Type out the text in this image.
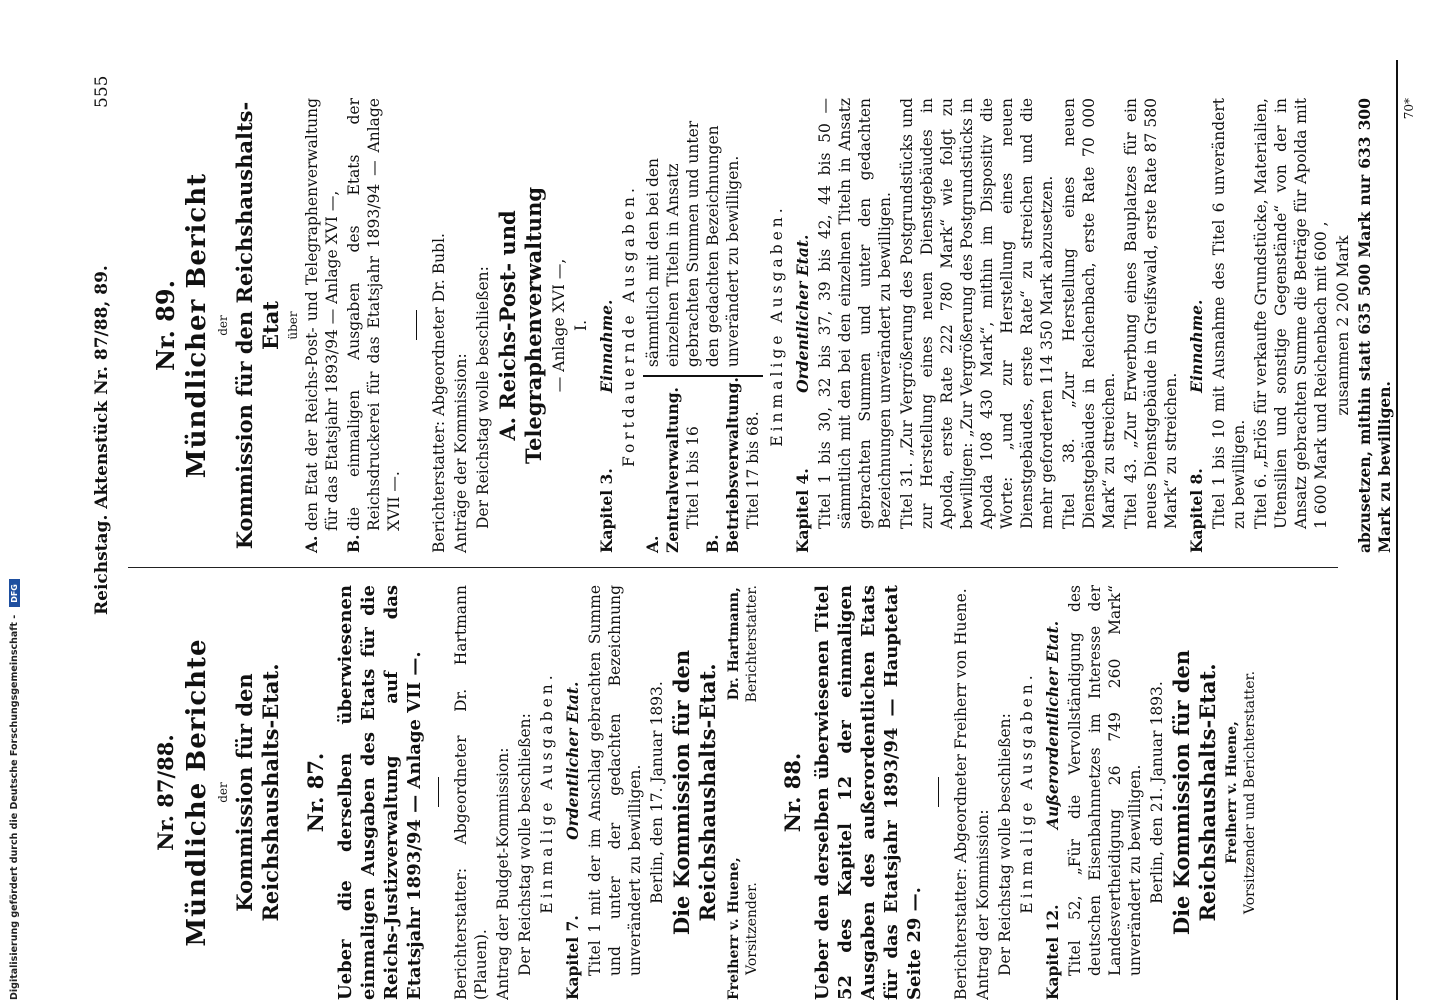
Digitalisierung gefördert durch die Deutsche Forschungsgemeinschaft - DFG	Reichstag. Aktenstück Nr. 87/88, 89.
555
Nr. 87/88. Mündliche Berichte der Kommission für den Reichshaushalts-Etat. Nr. 87. Ueber die derselben überwiesenen einmaligen Ausgaben des Etats für die Reichs-Justizverwaltung auf das Etatsjahr 1893/94 — Anlage VII —. Berichterstatter: Abgeordneter Dr. Hartmann (Plauen). Antrag der Budget-Kommission: Der Reichstag wolle beschließen: Einmalige Ausgaben.
Kapitel 7. Ordentlicher Etat. Titel 1 mit der im Anschlag gebrachten Summe und unter der gedachten Bezeichnung unverändert zu bewilligen. Berlin, den 17. Januar 1893. Die Kommission für den Reichshaushalts-Etat.
Freiherr v. Huene, Vorsitzender.
Dr. Hartmann, Berichterstatter.
Nr. 88. Ueber den derselben überwiesenen Titel 52 des Kapitel 12 der einmaligen Ausgaben des außerordentlichen Etats für das Etatsjahr 1893/94 — Hauptetat Seite 29 —. Berichterstatter: Abgeordneter Freiherr von Huene. Antrag der Kommission: Der Reichstag wolle beschließen: Einmalige Ausgaben.
Kapitel 12. Außerordentlicher Etat. Titel 52, „Für die Vervollständigung des deutschen Eisenbahnnetzes im Interesse der Landesvertheidigung 26 749 260 Mark“ unverändert zu bewilligen. Berlin, den 21. Januar 1893. Die Kommission für den Reichshaushalts-Etat. Freiherr v. Huene, Vorsitzender und Berichterstatter.
Nr. 89. Mündlicher Bericht der Kommission für den Reichshaushalts-Etat über
A.
den Etat der Reichs-Post- und Telegraphenverwaltung für das Etatsjahr 1893/94 — Anlage XVI —,
B.
die einmaligen Ausgaben des Etats der Reichsdruckerei für das Etatsjahr 1893/94 — Anlage XVII —. Berichterstatter: Abgeordneter Dr. Bubl. Anträge der Kommission: Der Reichstag wolle beschließen: A. Reichs-Post- und Telegraphenverwaltung — Anlage XVI —, I.
Kapitel 3. Einnahme. Fortdauernde Ausgaben.
A. Zentralverwaltung. Titel 1 bis 16
B. Betriebsverwaltung. Titel 17 bis 68.
sämmtlich mit den bei den einzelnen Titeln in Ansatz gebrachten Summen und unter den gedachten Bezeichnungen unverändert zu bewilligen.	Einmalige Ausgaben.
Kapitel 4. Ordentlicher Etat. Titel 1 bis 30, 32 bis 37, 39 bis 42, 44 bis 50 — sämmtlich mit den bei den einzelnen Titeln in Ansatz gebrachten Summen und unter den gedachten Bezeichnungen unverändert zu bewilligen. Titel 31. „Zur Vergrößerung des Postgrundstücks und zur Herstellung eines neuen Dienstgebäudes in Apolda, erste Rate 222 780 Mark“ wie folgt zu bewilligen: „Zur Vergrößerung des Postgrundstücks in Apolda 108 430 Mark“, mithin im Dispositiv die Worte: „und zur Herstellung eines neuen Dienstgebäudes, erste Rate“ zu streichen und die mehr geforderten 114 350 Mark abzusetzen. Titel 38. „Zur Herstellung eines neuen Dienstgebäudes in Reichenbach, erste Rate 70 000 Mark“ zu streichen. Titel 43. „Zur Erwerbung eines Bauplatzes für ein neues Dienstgebäude in Greifswald, erste Rate 87 580 Mark“ zu streichen. Kapitel 8. Einnahme. Titel 1 bis 10 mit Ausnahme des Titel 6 unverändert zu bewilligen. Titel 6. „Erlös für verkaufte Grundstücke, Materialien, Utensilien und sonstige Gegenstände“ von der in Ansatz gebrachten Summe die Beträge für Apolda mit 1 600 Mark und Reichenbach mit 600 , zusammen 2 200 Mark abzusetzen, mithin statt 635 500 Mark nur 633 300 Mark zu bewilligen.
70*
